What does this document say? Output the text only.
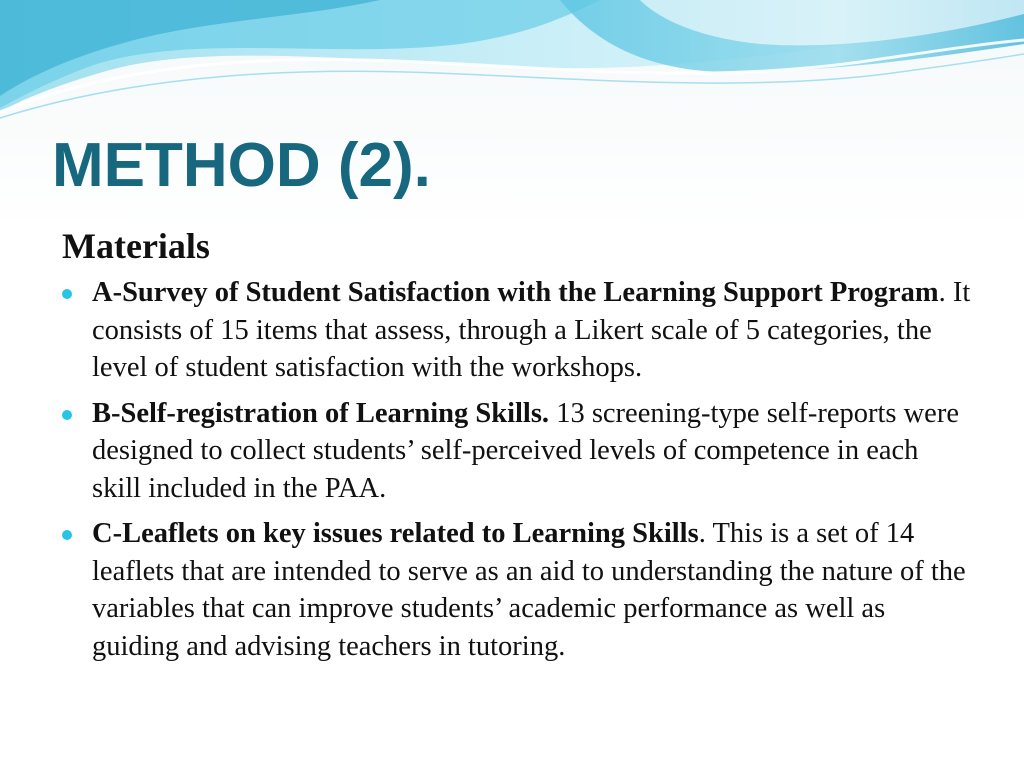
METHOD (2).
Materials
A-Survey of Student Satisfaction with the Learning Support Program. It consists of 15 items that assess, through a Likert scale of 5 categories, the level of student satisfaction with the workshops.
B-Self-registration of Learning Skills. 13 screening-type self-reports were designed to collect students’ self-perceived levels of competence in each skill included in the PAA.
C-Leaflets on key issues related to Learning Skills. This is a set of 14 leaflets that are intended to serve as an aid to understanding the nature of the variables that can improve students’ academic performance as well as guiding and advising teachers in tutoring.
